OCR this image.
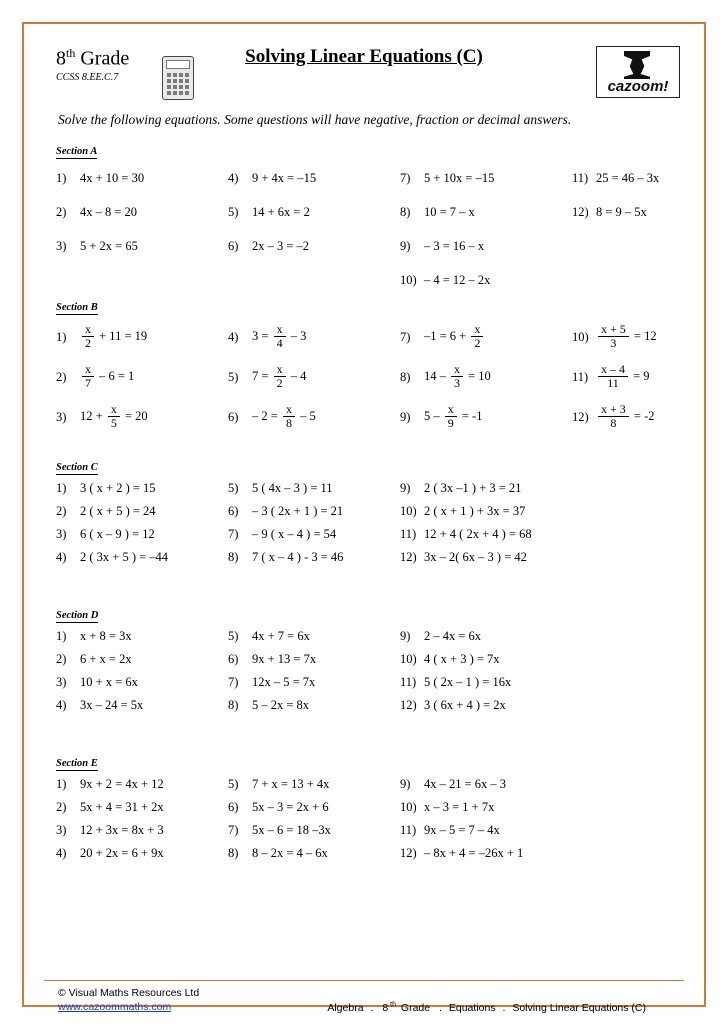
8th Grade
CCSS 8.EE.C.7
Solving Linear Equations (C)
cazoom!
Solve the following equations. Some questions will have negative, fraction or decimal answers.
Section A
1)	4x + 10 = 30
2)	4x – 8 = 20
3)	5 + 2x = 65
4)	9 + 4x = –15
5)	14 + 6x = 2
6)	2x – 3 = –2
7)	5 + 10x = –15
8)	10 = 7 – x
9)	– 3 = 16 – x
10) – 4 = 12 – 2x
11) 25 = 46 – 3x
12) 8 = 9 – 5x
Section B
1)	$\frac{x}{2} + 11 = 19$
2)	$\frac{x}{7} - 6 = 1$
3)	$12 + \frac{x}{5} = 20$
4)	$3 = \frac{x}{4} - 3$
5)	$7 = \frac{x}{2} - 4$
6)	– $2 = \frac{x}{8} - 5$
7)	$-1 = 6 + \frac{x}{2}$
8)	$14 - \frac{x}{3} = 10$
9)	$5 - \frac{x}{9} = -1$
$10) \frac{x + 5}{3} = 12$
$11) \frac{x - 4}{11} = 9$
$12) \frac{x + 3}{8} = -2$
Section C
1)	3 ( x + 2 ) = 15
2)	2 ( x + 5 ) = 24
3)	6 ( x – 9 ) = 12
4)	2 ( 3x + 5 ) = –44
5)	5 ( 4x – 3 ) = 11
6)	– 3 ( 2x + 1 ) = 21
7)	– 9 ( x – 4 ) = 54
8)	7 ( x – 4 ) - 3 = 46
9)	2 ( 3x –1 ) + 3 = 21
10) 2 ( x + 1 ) + 3x = 37
11) 12 + 4 ( 2x + 4 ) = 68
12) 3x – 2( 6x – 3 ) = 42
Section D
1)	x + 8 = 3x
2)	6 + x = 2x
3)	10 + x = 6x
4)	3x – 24 = 5x
5)	4x + 7 = 6x
6)	9x + 13 = 7x
7)	12x – 5 = 7x
8)	5 – 2x = 8x
9)	2 – 4x = 6x
10) 4 ( x + 3 ) = 7x
11) 5 ( 2x – 1 ) = 16x
12) 3 ( 6x + 4 ) = 2x
Section E
1)	9x + 2 = 4x + 12
2)	5x + 4 = 31 + 2x
3)	12 + 3x = 8x + 3
4)	20 + 2x = 6 + 9x
5)	7 + x = 13 + 4x
6)	5x – 3 = 2x + 6
7)	5x – 6 = 18 –3x
8)	8 – 2x = 4 – 6x
9)	4x – 21 = 6x – 3
10) x – 3 = 1 + 7x
11) 9x – 5 = 7 – 4x
12) – 8x + 4 = –26x + 1
© Visual Maths Resources Ltd
www.cazoommaths.com	Algebra . 8 $^{th}$ Grade . Equations . Solving Linear Equations (C)
